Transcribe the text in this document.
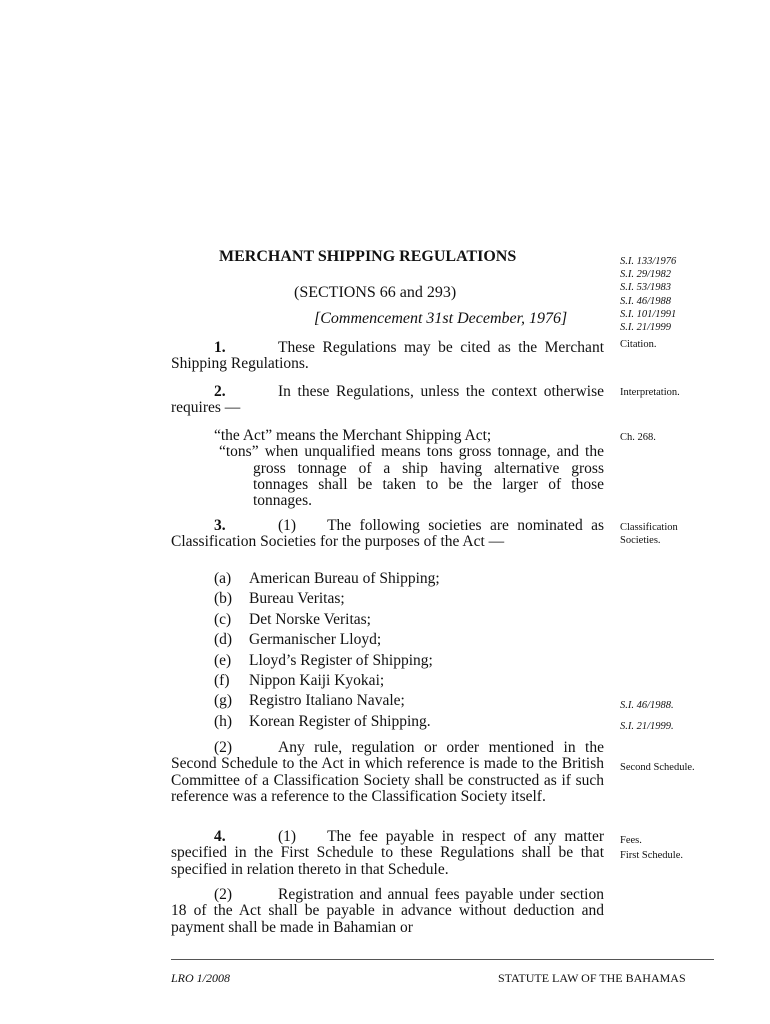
MERCHANT SHIPPING REGULATIONS
(SECTIONS 66 and 293)
[Commencement 31st December, 1976]
S.I. 133/1976
S.I. 29/1982
S.I. 53/1983
S.I. 46/1988
S.I. 101/1991
S.I. 21/1999
Citation.
Interpretation.
Ch. 268.
Classification
Societies.
S.I. 46/1988.
S.I. 21/1999.
Second Schedule.
Fees.
First Schedule.
1.	These Regulations may be cited as the Merchant Shipping Regulations.
2.	In these Regulations, unless the context otherwise requires —
“the Act” means the Merchant Shipping Act;
“tons” when unqualified means tons gross tonnage, and the gross tonnage of a ship having alternative gross tonnages shall be taken to be the larger of those tonnages.
3.	(1)  The following societies are nominated as Classification Societies for the purposes of the Act —
(a) American Bureau of Shipping;
(b) Bureau Veritas;
(c) Det Norske Veritas;
(d) Germanischer Lloyd;
(e) Lloyd’s Register of Shipping;
(f) Nippon Kaiji Kyokai;
(g) Registro Italiano Navale;
(h) Korean Register of Shipping.
(2)	Any rule, regulation or order mentioned in the Second Schedule to the Act in which reference is made to the British Committee of a Classification Society shall be constructed as if such reference was a reference to the Classification Society itself.
4.	(1)  The fee payable in respect of any matter specified in the First Schedule to these Regulations shall be that specified in relation thereto in that Schedule.
(2)	Registration and annual fees payable under section 18 of the Act shall be payable in advance without deduction and payment shall be made in Bahamian or
LRO 1/2008	STATUTE LAW OF THE BAHAMAS
